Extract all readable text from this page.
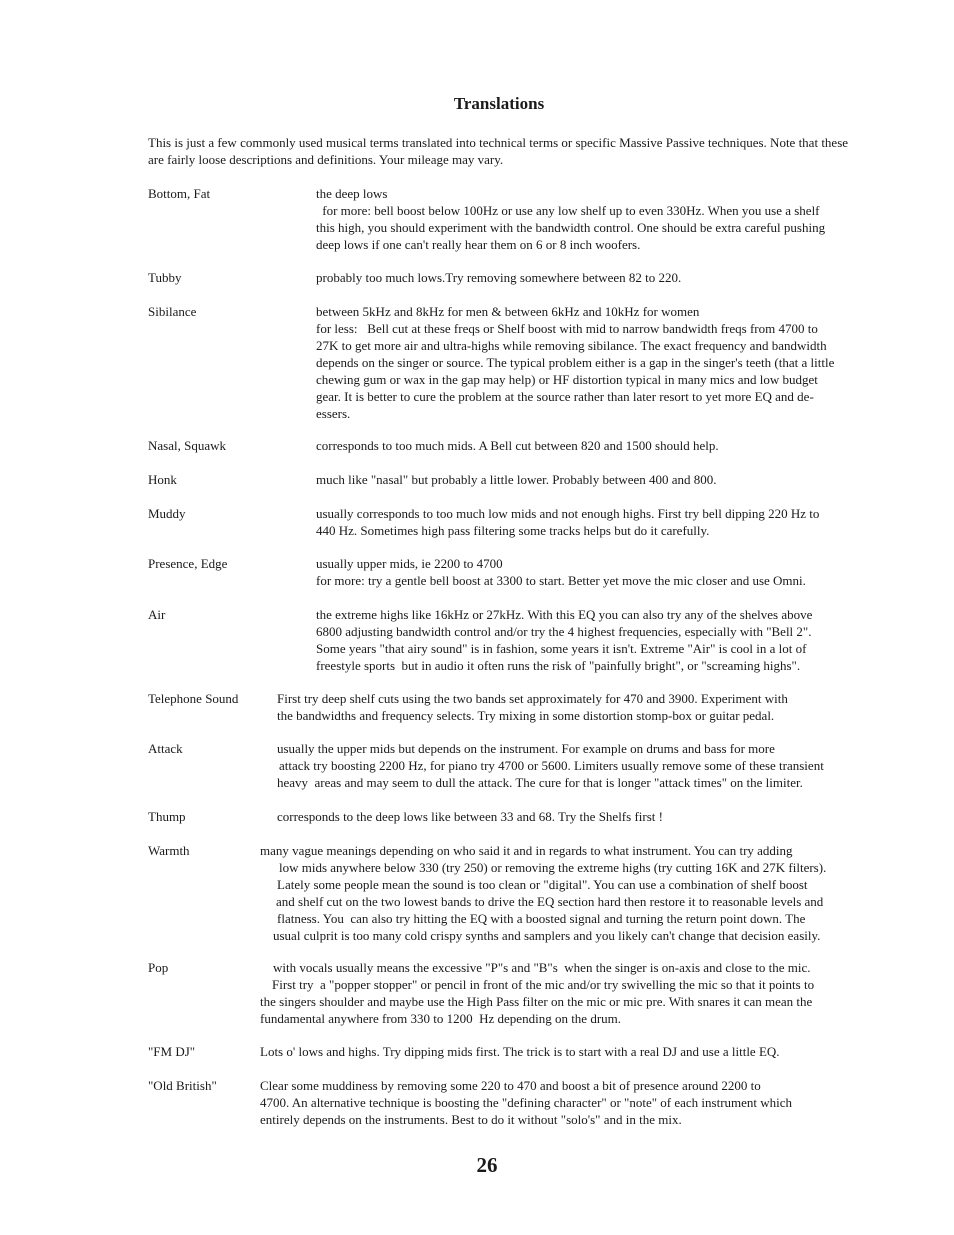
Translations
This is just a few commonly used musical terms translated into technical terms or specific Massive Passive techniques. Note that these are fairly loose descriptions and definitions. Your mileage may vary.
Bottom, Fat	the deep lows
for more: bell boost below 100Hz or use any low shelf up to even 330Hz. When you use a shelf
this high, you should experiment with the bandwidth control. One should be extra careful pushing
deep lows if one can't really hear them on 6 or 8 inch woofers.
Tubby	probably too much lows.Try removing somewhere between 82 to 220.
Sibilance	between 5kHz and 8kHz for men & between 6kHz and 10kHz for women
for less:   Bell cut at these freqs or Shelf boost with mid to narrow bandwidth freqs from 4700 to
27K to get more air and ultra-highs while removing sibilance. The exact frequency and bandwidth
depends on the singer or source. The typical problem either is a gap in the singer's teeth (that a little
chewing gum or wax in the gap may help) or HF distortion typical in many mics and low budget
gear. It is better to cure the problem at the source rather than later resort to yet more EQ and de-
essers.
Nasal, Squawk	corresponds to too much mids. A Bell cut between 820 and 1500 should help.
Honk	much like "nasal" but probably a little lower. Probably between 400 and 800.
Muddy	usually corresponds to too much low mids and not enough highs. First try bell dipping 220 Hz to
440 Hz. Sometimes high pass filtering some tracks helps but do it carefully.
Presence, Edge	usually upper mids, ie 2200 to 4700
for more: try a gentle bell boost at 3300 to start. Better yet move the mic closer and use Omni.
Air	the extreme highs like 16kHz or 27kHz. With this EQ you can also try any of the shelves above
6800 adjusting bandwidth control and/or try the 4 highest frequencies, especially with "Bell 2".
Some years "that airy sound" is in fashion, some years it isn't. Extreme "Air" is cool in a lot of
freestyle sports  but in audio it often runs the risk of "painfully bright", or "screaming highs".
Telephone Sound	First try deep shelf cuts using the two bands set approximately for 470 and 3900. Experiment with
the bandwidths and frequency selects. Try mixing in some distortion stomp-box or guitar pedal.
Attack	usually the upper mids but depends on the instrument. For example on drums and bass for more
attack try boosting 2200 Hz, for piano try 4700 or 5600. Limiters usually remove some of these transient
heavy  areas and may seem to dull the attack. The cure for that is longer "attack times" on the limiter.
Thump	corresponds to the deep lows like between 33 and 68. Try the Shelfs first !
Warmth	many vague meanings depending on who said it and in regards to what instrument. You can try adding
low mids anywhere below 330 (try 250) or removing the extreme highs (try cutting 16K and 27K filters).
Lately some people mean the sound is too clean or "digital". You can use a combination of shelf boost
and shelf cut on the two lowest bands to drive the EQ section hard then restore it to reasonable levels and
flatness. You  can also try hitting the EQ with a boosted signal and turning the return point down. The
usual culprit is too many cold crispy synths and samplers and you likely can't change that decision easily.
Pop	with vocals usually means the excessive "P"s and "B"s  when the singer is on-axis and close to the mic.
First try  a "popper stopper" or pencil in front of the mic and/or try swivelling the mic so that it points to
the singers shoulder and maybe use the High Pass filter on the mic or mic pre. With snares it can mean the
fundamental anywhere from 330 to 1200  Hz depending on the drum.
"FM DJ"	Lots o' lows and highs. Try dipping mids first. The trick is to start with a real DJ and use a little EQ.
"Old British"	Clear some muddiness by removing some 220 to 470 and boost a bit of presence around 2200 to
4700. An alternative technique is boosting the "defining character" or "note" of each instrument which
entirely depends on the instruments. Best to do it without "solo's" and in the mix.
26
